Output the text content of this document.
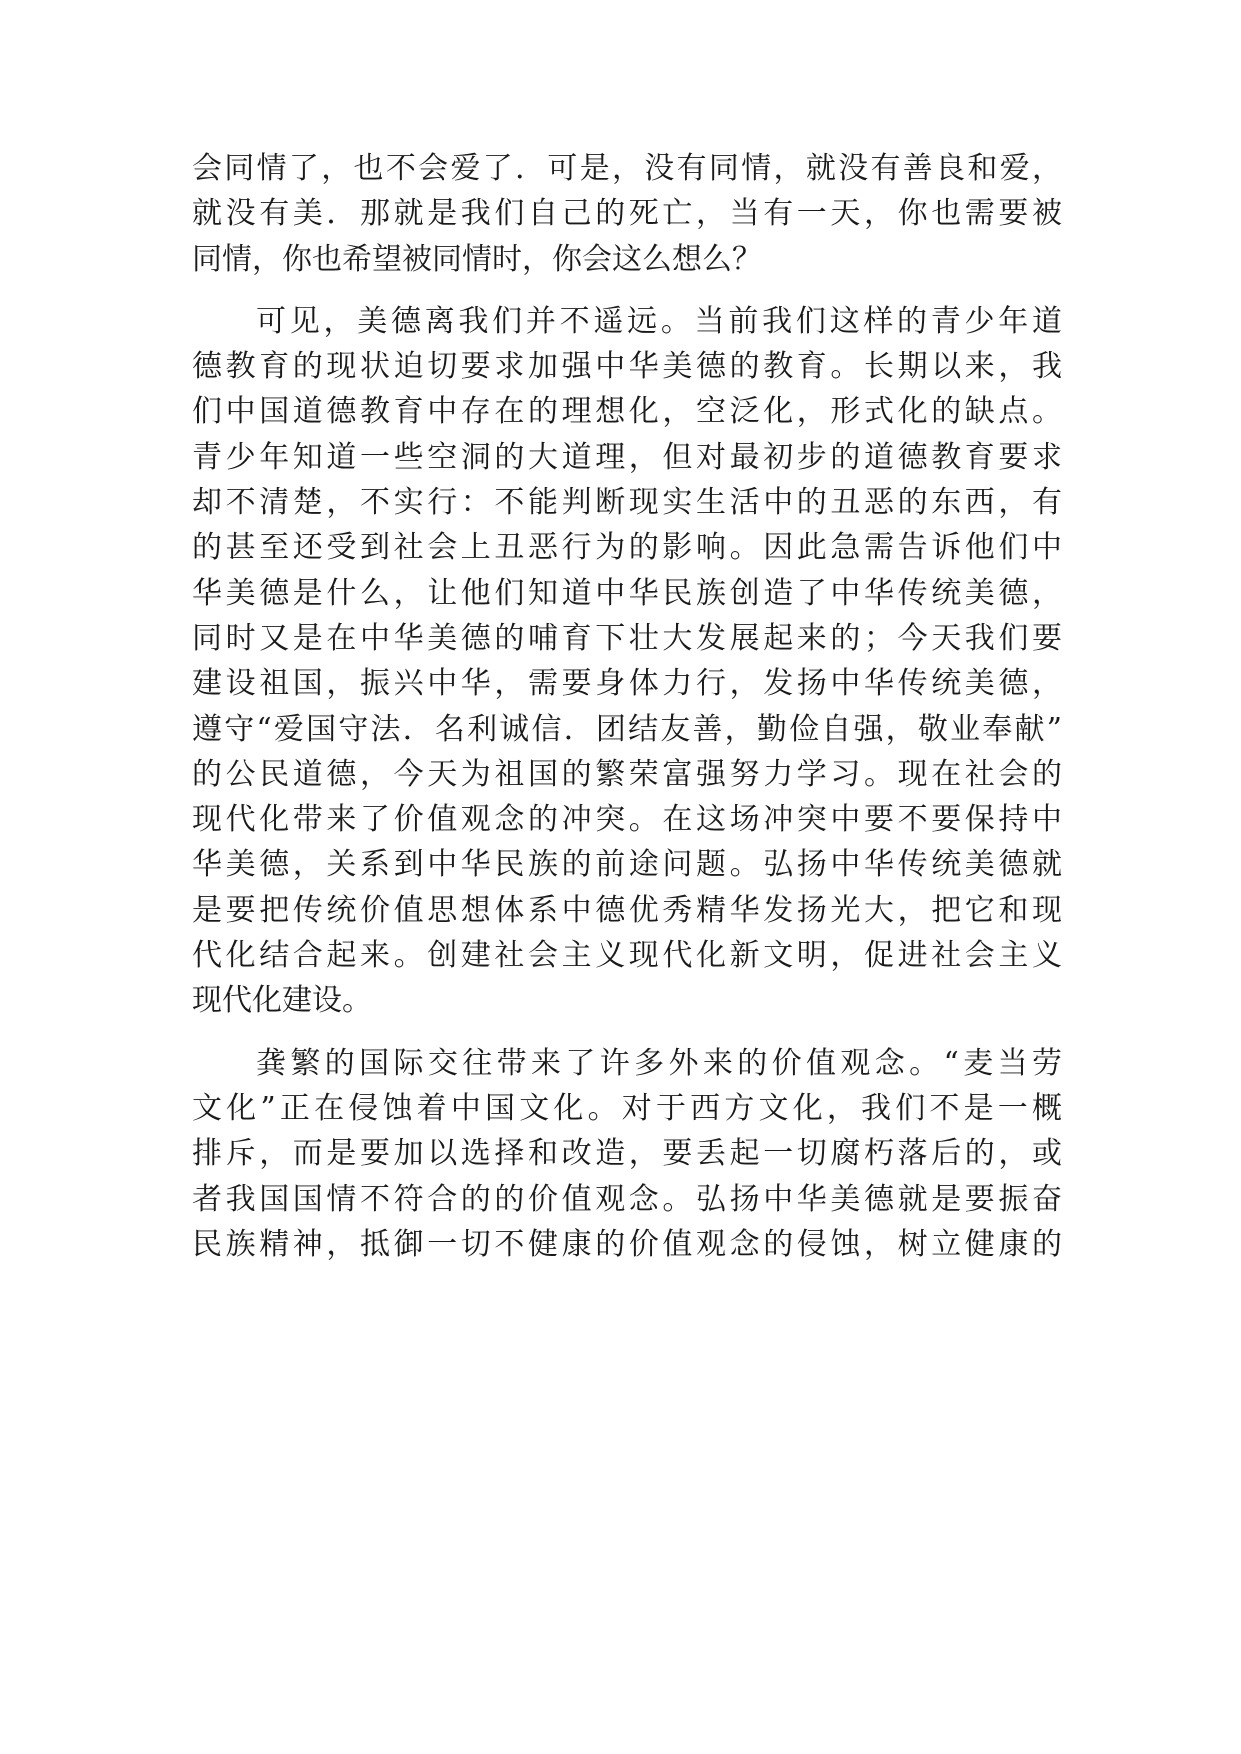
会同情了，也不会爱了．可是，没有同情，就没有善良和爱，
就没有美．那就是我们自己的死亡，当有一天，你也需要被
同情，你也希望被同情时，你会这么想么？
可见，美德离我们并不遥远。当前我们这样的青少年道
德教育的现状迫切要求加强中华美德的教育。长期以来，我
们中国道德教育中存在的理想化，空泛化，形式化的缺点。
青少年知道一些空洞的大道理，但对最初步的道德教育要求
却不清楚，不实行：不能判断现实生活中的丑恶的东西，有
的甚至还受到社会上丑恶行为的影响。因此急需告诉他们中
华美德是什么，让他们知道中华民族创造了中华传统美德，
同时又是在中华美德的哺育下壮大发展起来的；今天我们要
建设祖国，振兴中华，需要身体力行，发扬中华传统美德，
遵守“爱国守法．名利诚信．团结友善，勤俭自强，敬业奉献”
的公民道德，今天为祖国的繁荣富强努力学习。现在社会的
现代化带来了价值观念的冲突。在这场冲突中要不要保持中
华美德，关系到中华民族的前途问题。弘扬中华传统美德就
是要把传统价值思想体系中德优秀精华发扬光大，把它和现
代化结合起来。创建社会主义现代化新文明，促进社会主义
现代化建设。
龚繁的国际交往带来了许多外来的价值观念。“麦当劳
文化”正在侵蚀着中国文化。对于西方文化，我们不是一概
排斥，而是要加以选择和改造，要丢起一切腐朽落后的，或
者我国国情不符合的的价值观念。弘扬中华美德就是要振奋
民族精神，抵御一切不健康的价值观念的侵蚀，树立健康的
